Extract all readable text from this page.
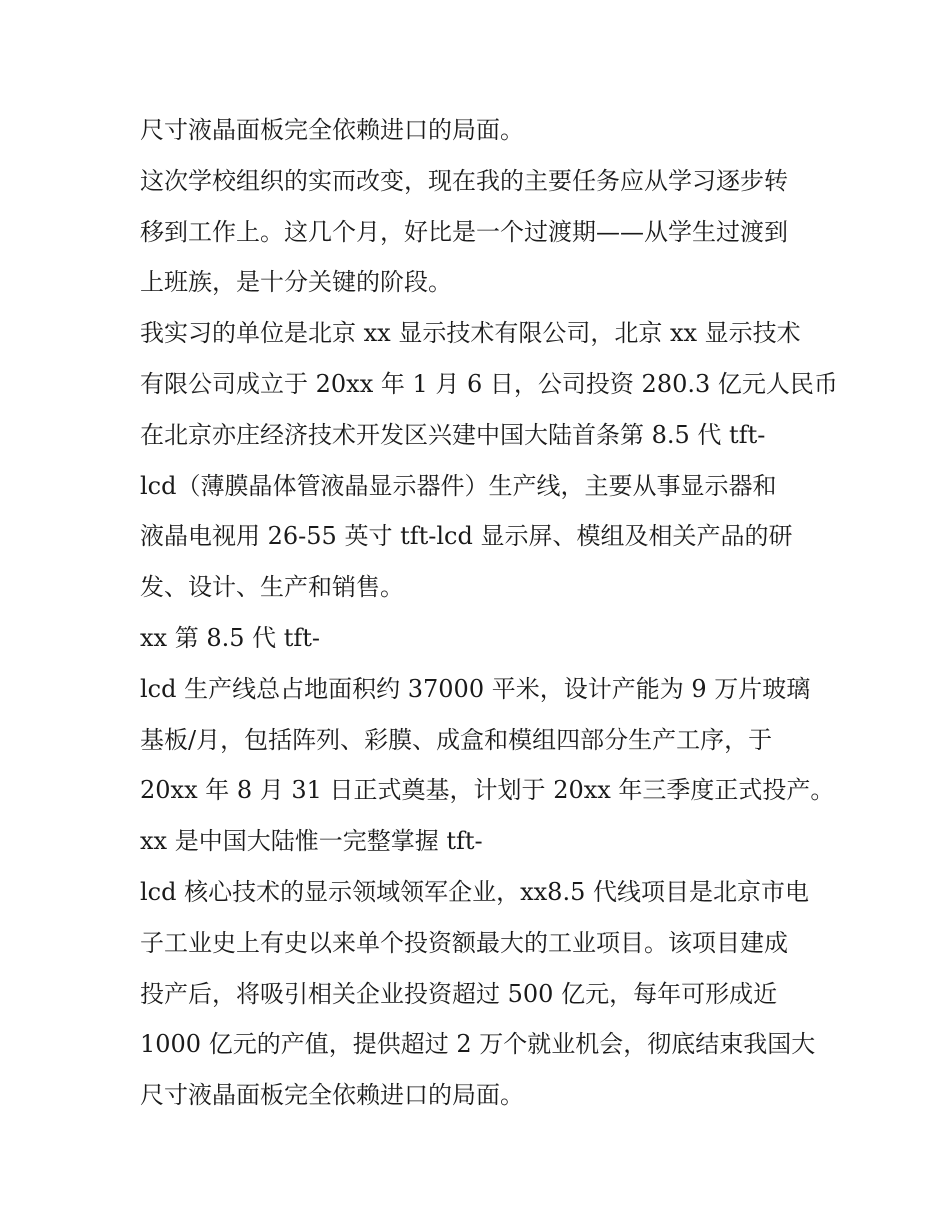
尺寸液晶面板完全依赖进口的局面。
这次学校组织的实而改变，现在我的主要任务应从学习逐步转
移到工作上。这几个月，好比是一个过渡期——从学生过渡到
上班族，是十分关键的阶段。
我实习的单位是北京 xx 显示技术有限公司，北京 xx 显示技术
有限公司成立于 20xx 年 1 月 6 日，公司投资 280.3 亿元人民币
在北京亦庄经济技术开发区兴建中国大陆首条第 8.5 代 tft-
lcd（薄膜晶体管液晶显示器件）生产线，主要从事显示器和
液晶电视用 26-55 英寸 tft-lcd 显示屏、模组及相关产品的研
发、设计、生产和销售。
xx 第 8.5 代 tft-
lcd 生产线总占地面积约 37000 平米，设计产能为 9 万片玻璃
基板/月，包括阵列、彩膜、成盒和模组四部分生产工序，于
20xx 年 8 月 31 日正式奠基，计划于 20xx 年三季度正式投产。
xx 是中国大陆惟一完整掌握 tft-
lcd 核心技术的显示领域领军企业，xx8.5 代线项目是北京市电
子工业史上有史以来单个投资额最大的工业项目。该项目建成
投产后，将吸引相关企业投资超过 500 亿元，每年可形成近
1000 亿元的产值，提供超过 2 万个就业机会，彻底结束我国大
尺寸液晶面板完全依赖进口的局面。
